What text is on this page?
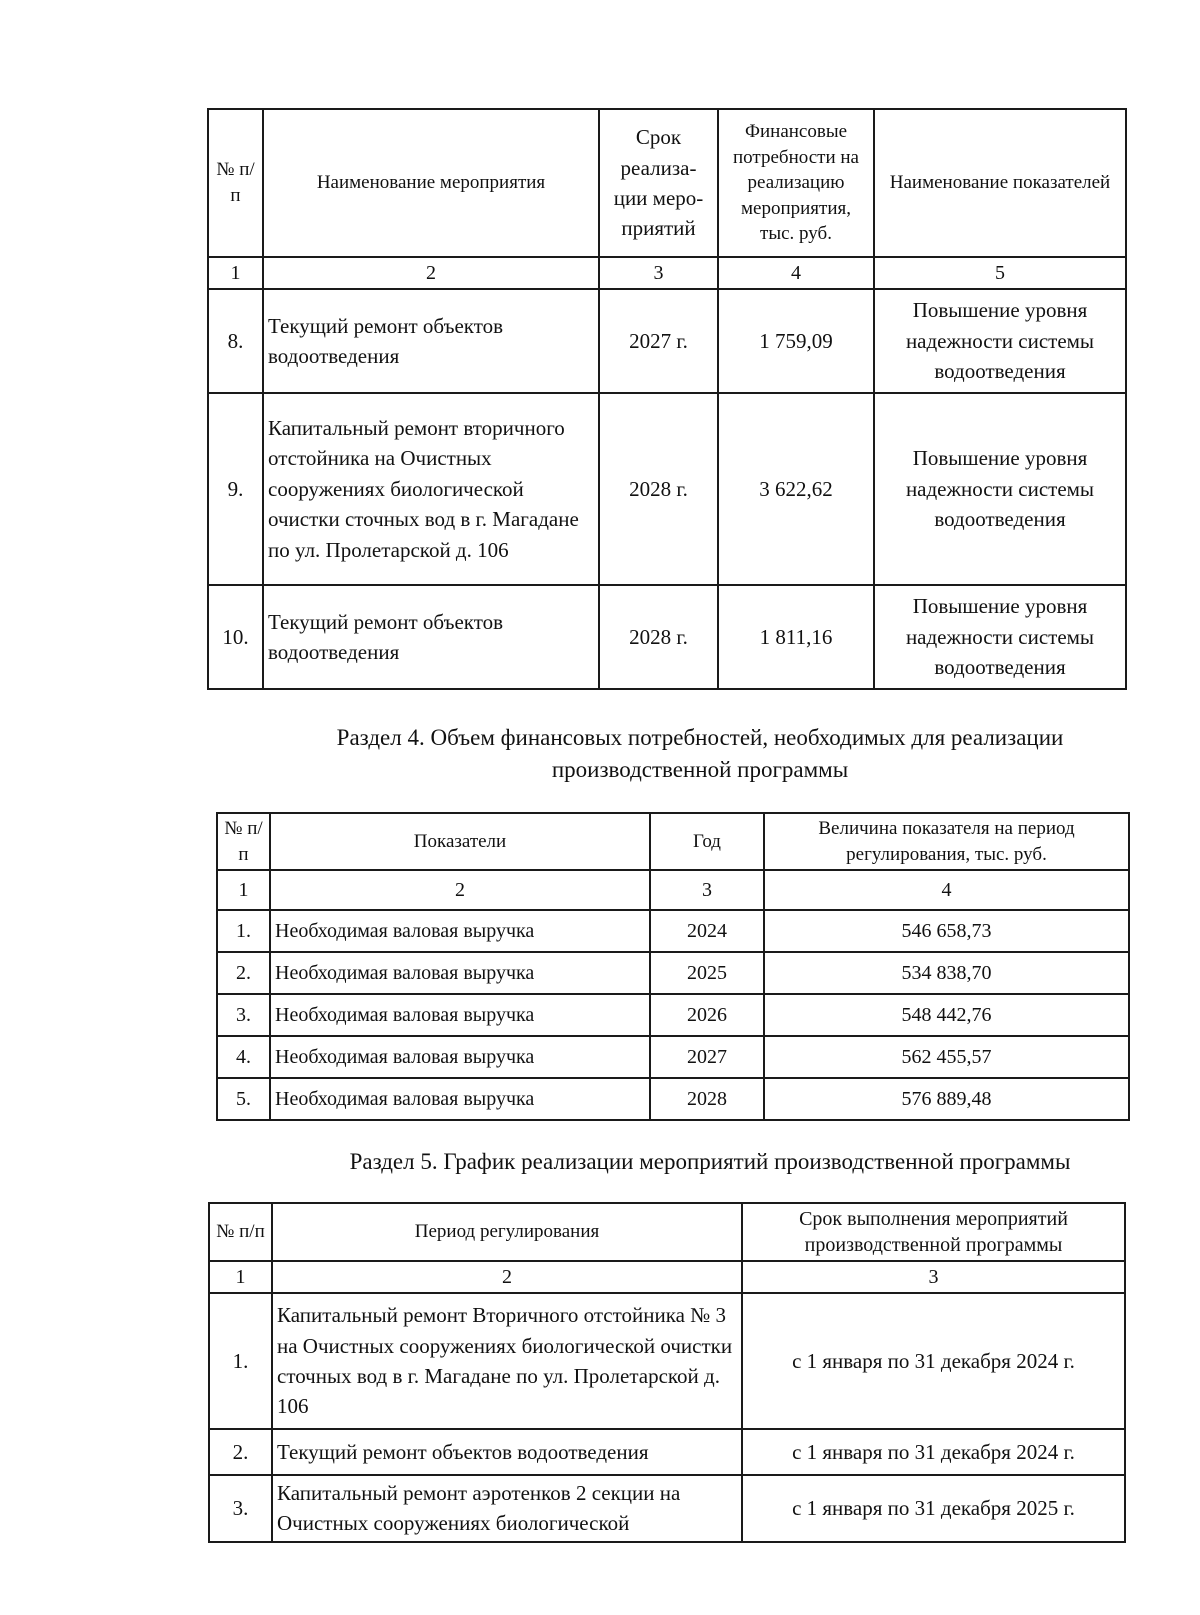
№ п/п	Наименование мероприятия	Срок реализа-ции меро-приятий	Финансовые потребности на реализацию мероприятия, тыс. руб.	Наименование показателей
1	2	3	4	5
8.	Текущий ремонт объектов водоотведения	2027 г.	1 759,09	Повышение уровня надежности системы водоотведения
9.	Капитальный ремонт вторичного отстойника на Очистных сооружениях биологической очистки сточных вод в г. Магадане по ул. Пролетарской д. 106	2028 г.	3 622,62	Повышение уровня надежности системы водоотведения
10.	Текущий ремонт объектов водоотведения	2028 г.	1 811,16	Повышение уровня надежности системы водоотведения
Раздел 4. Объем финансовых потребностей, необходимых для реализации производственной программы
№ п/п	Показатели	Год	Величина показателя на период регулирования, тыс. руб.
1	2	3	4
1.	Необходимая валовая выручка	2024	546 658,73
2.	Необходимая валовая выручка	2025	534 838,70
3.	Необходимая валовая выручка	2026	548 442,76
4.	Необходимая валовая выручка	2027	562 455,57
5.	Необходимая валовая выручка	2028	576 889,48
Раздел 5. График реализации мероприятий производственной программы
№ п/п	Период регулирования	Срок выполнения мероприятий производственной программы
1	2	3
1.	Капитальный ремонт Вторичного отстойника № 3 на Очистных сооружениях биологической очистки сточных вод в г. Магадане по ул. Пролетарской д. 106	с 1 января по 31 декабря 2024 г.
2.	Текущий ремонт объектов водоотведения	с 1 января по 31 декабря 2024 г.
3.	Капитальный ремонт аэротенков 2 секции на Очистных сооружениях биологической	с 1 января по 31 декабря 2025 г.
